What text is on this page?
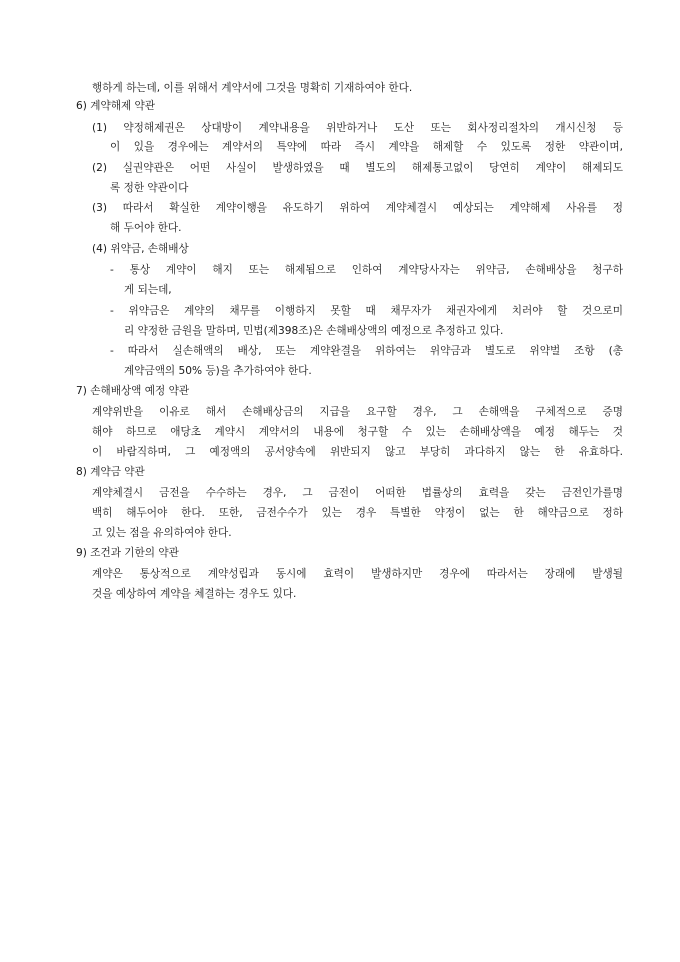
행하게 하는데, 이를 위해서 계약서에 그것을 명확히 기재하여야 한다.
6) 계약해제 약관
(1) 약정해제권은 상대방이 계약내용을 위반하거나 도산 또는 회사정리절차의 개시신청 등
이 있을 경우에는 계약서의 특약에 따라 즉시 계약을 해제할 수 있도록 정한 약관이며,
(2) 실권약관은 어떤 사실이 발생하였을 때 별도의 해제통고없이 당연히 계약이 해제되도
록 정한 약관이다
(3) 따라서 확실한 계약이행을 유도하기 위하여 계약체결시 예상되는 계약해제 사유를 정
해 두어야 한다.
(4) 위약금, 손해배상
- 통상 계약이 해지 또는 해제됨으로 인하여 계약당사자는 위약금, 손해배상을 청구하
게 되는데,
- 위약금은 계약의 채무를 이행하지 못할 때 채무자가 채권자에게 치러야 할 것으로미
리 약정한 금원을 말하며, 민법(제398조)은 손해배상액의 예정으로 추정하고 있다.
- 따라서 실손해액의 배상, 또는 계약완결을 위하여는 위약금과 별도로 위약벌 조항 (총
계약금액의 50% 등)을 추가하여야 한다.
7) 손해배상액 예정 약관
계약위반을 이유로 해서 손해배상금의 지급을 요구할 경우, 그 손해액을 구체적으로 증명
해야 하므로 애당초 계약시 계약서의 내용에 청구할 수 있는 손해배상액을 예정 해두는 것
이 바람직하며, 그 예정액의 공서양속에 위반되지 않고 부당히 과다하지 않는 한 유효하다.
8) 계약금 약관
계약체결시 금전을 수수하는 경우, 그 금전이 어떠한 법률상의 효력을 갖는 금전인가를명
백히 해두어야 한다. 또한, 금전수수가 있는 경우 특별한 약정이 없는 한 해약금으로 정하
고 있는 점을 유의하여야 한다.
9) 조건과 기한의 약관
계약은 통상적으로 계약성립과 동시에 효력이 발생하지만 경우에 따라서는 장래에 발생될
것을 예상하여 계약을 체결하는 경우도 있다.
